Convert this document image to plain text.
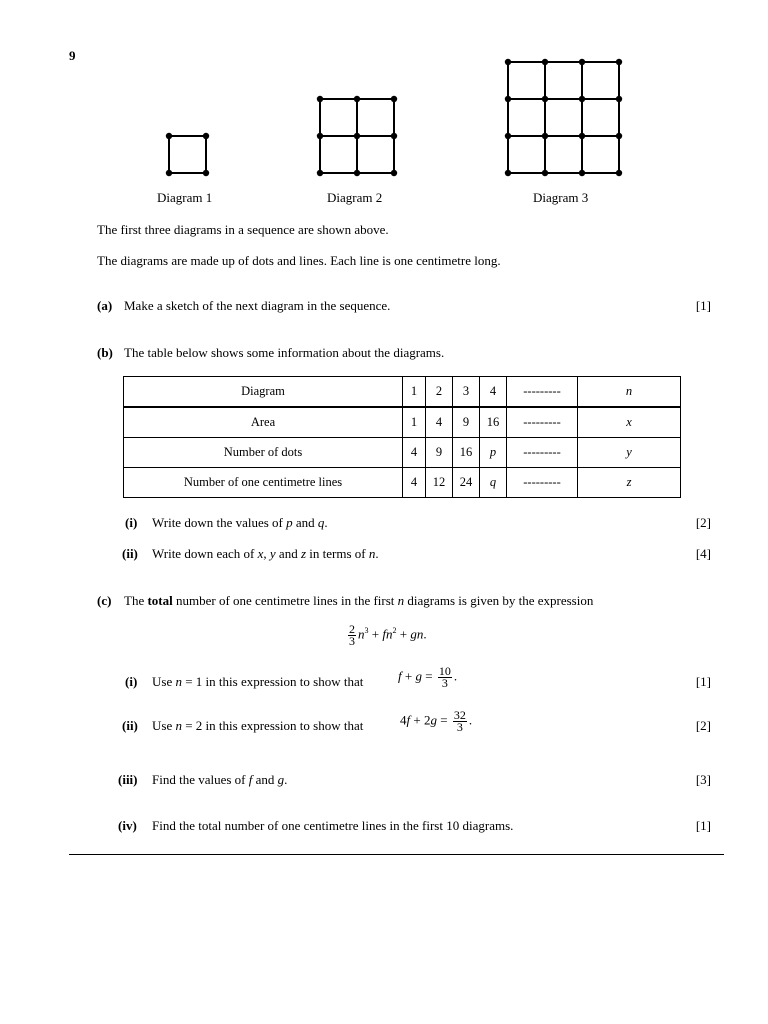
9
Diagram 1	Diagram 2	Diagram 3
The first three diagrams in a sequence are shown above.
The diagrams are made up of dots and lines. Each line is one centimetre long.
(a) Make a sketch of the next diagram in the sequence.	[1]
(b) The table below shows some information about the diagrams.
Diagram	1	2	3	4	---------	n
Area	1	4	9	16	---------	x
Number of dots	4	9	16	p	---------	y
Number of one centimetre lines	4	12	24	q	---------	z
(i) Write down the values of p and q.	[2]
(ii) Write down each of x, y and z in terms of n.	[4]
(c) The total number of one centimetre lines in the first n diagrams is given by the expression
$\frac{2}{3} n^3 + fn^2$ + gn.
(i) Use n = 1 in this expression to show that	$f + g = \frac{10}{3}$ .	[1]
(ii) Use n = 2 in this expression to show that	$4f + 2g = \frac{32}{3}$ .	[2]
(iii) Find the values of f and g.	[3]
(iv) Find the total number of one centimetre lines in the first 10 diagrams.	[1]
